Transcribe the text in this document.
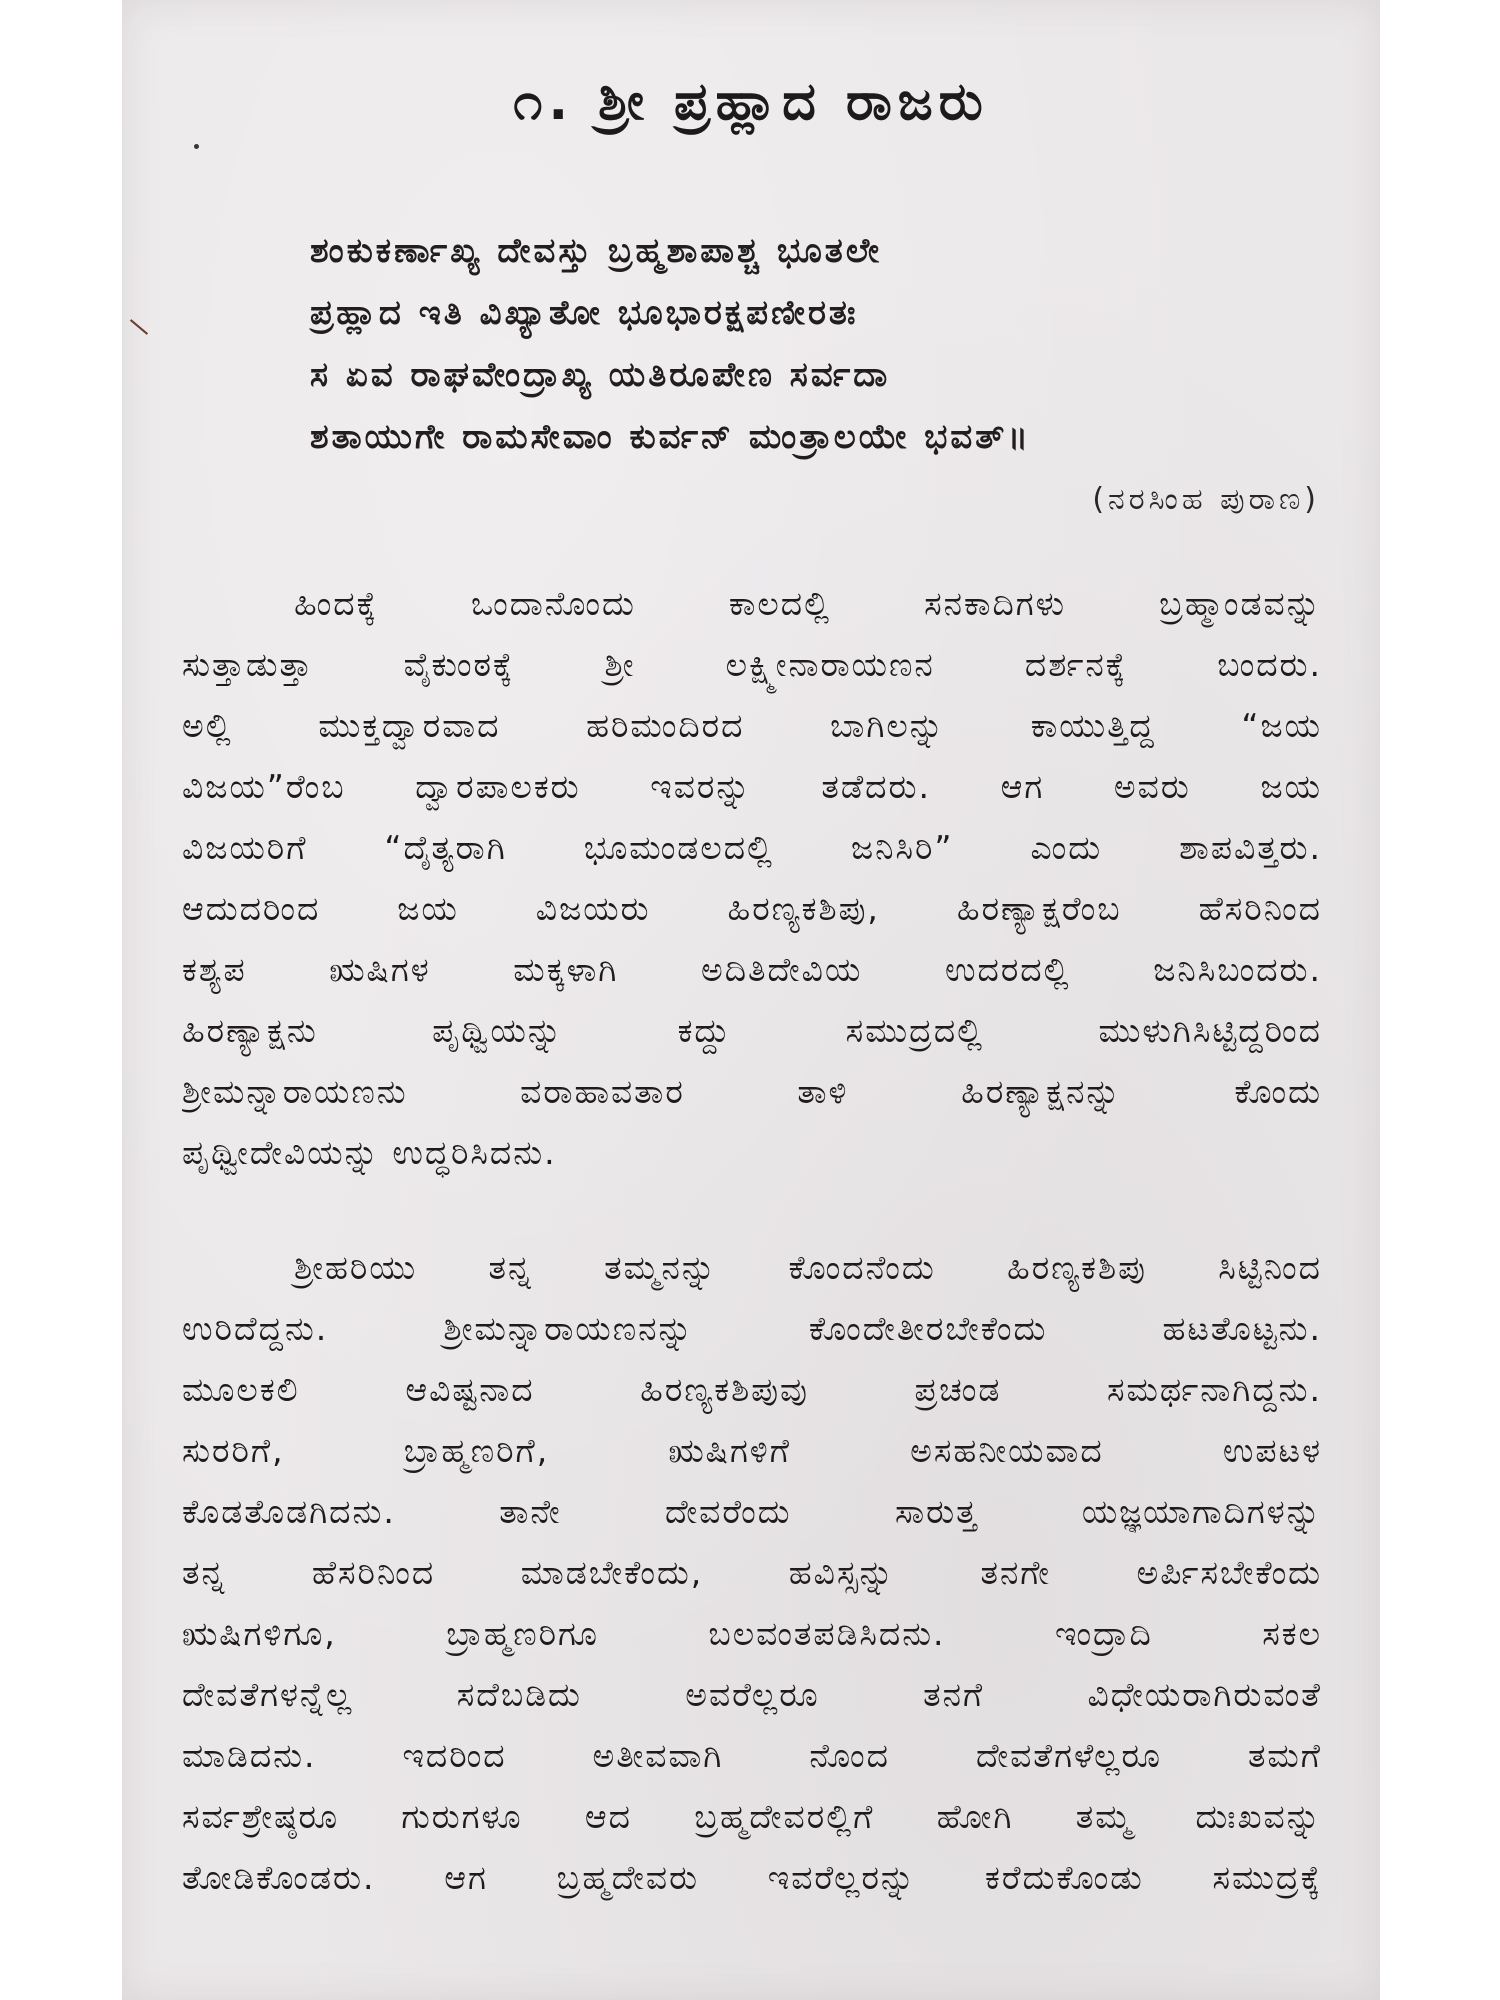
೧. ಶ್ರೀ ಪ್ರಹ್ಲಾದ ರಾಜರು
ಶಂಕುಕರ್ಣಾಖ್ಯ ದೇವಸ್ತು ಬ್ರಹ್ಮಶಾಪಾಶ್ಚ ಭೂತಲೇ
ಪ್ರಹ್ಲಾದ ಇತಿ ವಿಖ್ಯಾತೋ ಭೂಭಾರಕ್ಷಪಣೀರತಃ
ಸ ಏವ ರಾಘವೇಂದ್ರಾಖ್ಯ ಯತಿರೂಪೇಣ ಸರ್ವದಾ
ಶತಾಯುಗೇ ರಾಮಸೇವಾಂ ಕುರ್ವನ್ ಮಂತ್ರಾಲಯೇ ಭವತ್॥
(ನರಸಿಂಹ ಪುರಾಣ)
ಹಿಂದಕ್ಕೆ ಒಂದಾನೊಂದು ಕಾಲದಲ್ಲಿ ಸನಕಾದಿಗಳು ಬ್ರಹ್ಮಾಂಡವನ್ನು
ಸುತ್ತಾಡುತ್ತಾ ವೈಕುಂಠಕ್ಕೆ ಶ್ರೀ ಲಕ್ಷ್ಮೀನಾರಾಯಣನ ದರ್ಶನಕ್ಕೆ ಬಂದರು.
ಅಲ್ಲಿ ಮುಕ್ತದ್ವಾರವಾದ ಹರಿಮಂದಿರದ ಬಾಗಿಲನ್ನು ಕಾಯುತ್ತಿದ್ದ “ಜಯ
ವಿಜಯ”ರೆಂಬ ದ್ವಾರಪಾಲಕರು ಇವರನ್ನು ತಡೆದರು. ಆಗ ಅವರು ಜಯ
ವಿಜಯರಿಗೆ “ದೈತ್ಯರಾಗಿ ಭೂಮಂಡಲದಲ್ಲಿ ಜನಿಸಿರಿ” ಎಂದು ಶಾಪವಿತ್ತರು.
ಆದುದರಿಂದ ಜಯ ವಿಜಯರು ಹಿರಣ್ಯಕಶಿಪು, ಹಿರಣ್ಯಾಕ್ಷರೆಂಬ ಹೆಸರಿನಿಂದ
ಕಶ್ಯಪ ಋಷಿಗಳ ಮಕ್ಕಳಾಗಿ ಅದಿತಿದೇವಿಯ ಉದರದಲ್ಲಿ ಜನಿಸಿಬಂದರು.
ಹಿರಣ್ಯಾಕ್ಷನು ಪೃಥ್ವಿಯನ್ನು ಕದ್ದು ಸಮುದ್ರದಲ್ಲಿ ಮುಳುಗಿಸಿಟ್ಟಿದ್ದರಿಂದ
ಶ್ರೀಮನ್ನಾರಾಯಣನು ವರಾಹಾವತಾರ ತಾಳಿ ಹಿರಣ್ಯಾಕ್ಷನನ್ನು ಕೊಂದು
ಪೃಥ್ವೀದೇವಿಯನ್ನು ಉದ್ಧರಿಸಿದನು.
ಶ್ರೀಹರಿಯು ತನ್ನ ತಮ್ಮನನ್ನು ಕೊಂದನೆಂದು ಹಿರಣ್ಯಕಶಿಪು ಸಿಟ್ಟಿನಿಂದ
ಉರಿದೆದ್ದನು. ಶ್ರೀಮನ್ನಾರಾಯಣನನ್ನು ಕೊಂದೇತೀರಬೇಕೆಂದು ಹಟತೊಟ್ಟನು.
ಮೂಲಕಲಿ ಆವಿಷ್ಟನಾದ ಹಿರಣ್ಯಕಶಿಪುವು ಪ್ರಚಂಡ ಸಮರ್ಥನಾಗಿದ್ದನು.
ಸುರರಿಗೆ, ಬ್ರಾಹ್ಮಣರಿಗೆ, ಋಷಿಗಳಿಗೆ ಅಸಹನೀಯವಾದ ಉಪಟಳ
ಕೊಡತೊಡಗಿದನು. ತಾನೇ ದೇವರೆಂದು ಸಾರುತ್ತ ಯಜ್ಞಯಾಗಾದಿಗಳನ್ನು
ತನ್ನ ಹೆಸರಿನಿಂದ ಮಾಡಬೇಕೆಂದು, ಹವಿಸ್ಸನ್ನು ತನಗೇ ಅರ್ಪಿಸಬೇಕೆಂದು
ಋಷಿಗಳಿಗೂ, ಬ್ರಾಹ್ಮಣರಿಗೂ ಬಲವಂತಪಡಿಸಿದನು. ಇಂದ್ರಾದಿ ಸಕಲ
ದೇವತೆಗಳನ್ನೆಲ್ಲ ಸದೆಬಡಿದು ಅವರೆಲ್ಲರೂ ತನಗೆ ವಿಧೇಯರಾಗಿರುವಂತೆ
ಮಾಡಿದನು. ಇದರಿಂದ ಅತೀವವಾಗಿ ನೊಂದ ದೇವತೆಗಳೆಲ್ಲರೂ ತಮಗೆ
ಸರ್ವಶ್ರೇಷ್ಠರೂ ಗುರುಗಳೂ ಆದ ಬ್ರಹ್ಮದೇವರಲ್ಲಿಗೆ ಹೋಗಿ ತಮ್ಮ ದುಃಖವನ್ನು
ತೋಡಿಕೊಂಡರು. ಆಗ ಬ್ರಹ್ಮದೇವರು ಇವರೆಲ್ಲರನ್ನು ಕರೆದುಕೊಂಡು ಸಮುದ್ರಕ್ಕೆ
